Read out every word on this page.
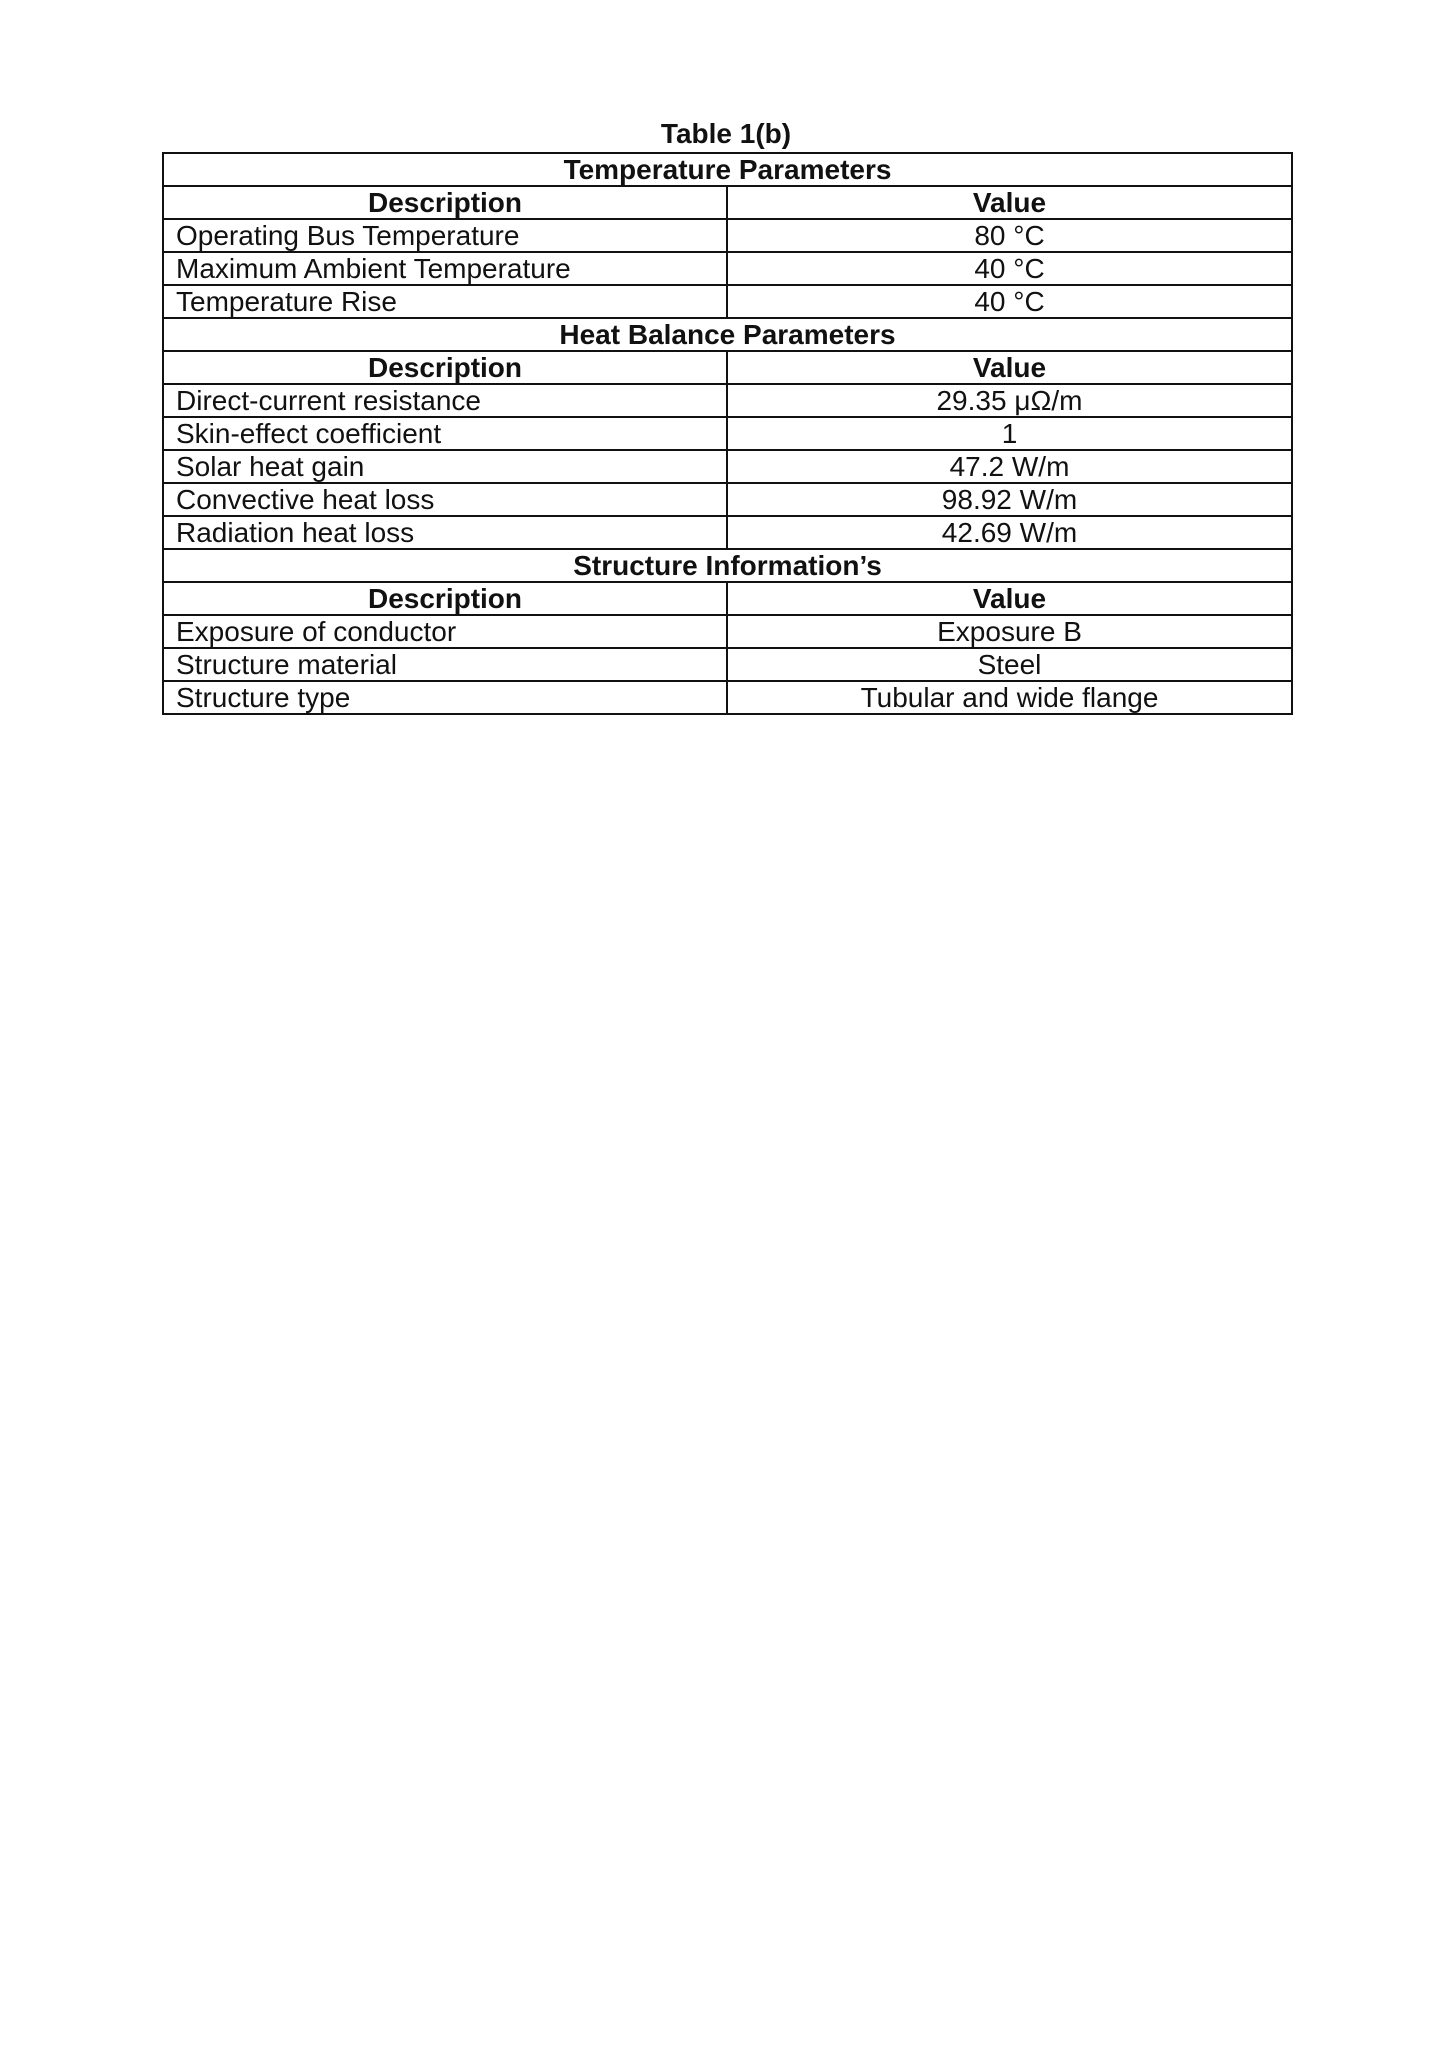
Table 1(b)
Temperature Parameters	
Description	Value
Operating Bus Temperature	80 °C
Maximum Ambient Temperature	40 °C
Temperature Rise	40 °C
Heat Balance Parameters	
Description	Value
Direct-current resistance	29.35 μΩ/m
Skin-effect coefficient	1
Solar heat gain	47.2 W/m
Convective heat loss	98.92 W/m
Radiation heat loss	42.69 W/m
Structure Information’s	
Description	Value
Exposure of conductor	Exposure B
Structure material	Steel
Structure type	Tubular and wide flange
